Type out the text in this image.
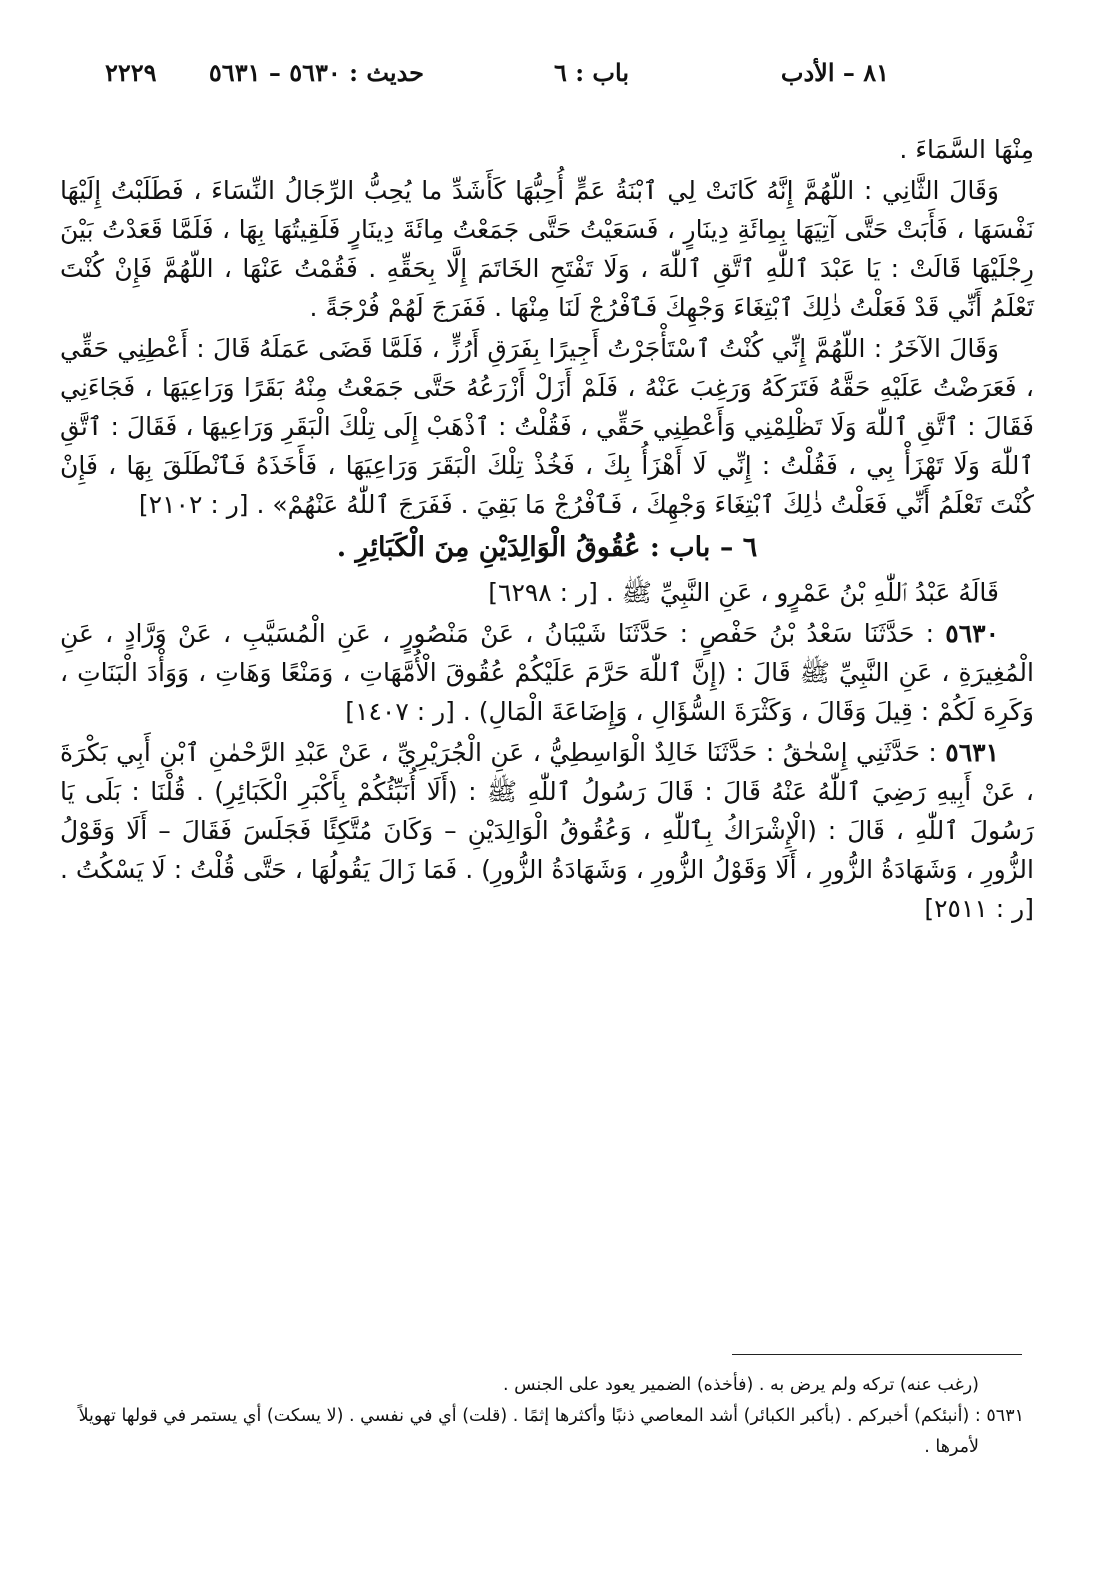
٨١ – الأدب
باب : ٦
حديث : ٥٦٣٠ – ٥٦٣١
٢٢٢٩

مِنْهَا السَّمَاءَ .

وَقَالَ الثَّانِي : اللّهُمَّ إِنَّهُ كَانَتْ لِي ٱبْنَةُ عَمٍّ أُحِبُّهَا كَأَشَدِّ ما يُحِبُّ الرِّجَالُ النِّسَاءَ ، فَطَلَبْتُ إِلَيْهَا نَفْسَهَا ، فَأَبَتْ حَتَّى آتِيَهَا بِمِائَةِ دِينَارٍ ، فَسَعَيْتُ حَتَّى جَمَعْتُ مِائَةَ دِينَارٍ فَلَقِيتُهَا بِهَا ، فَلَمَّا قَعَدْتُ بَيْنَ رِجْلَيْهَا قَالَتْ : يَا عَبْدَ ٱللّٰهِ ٱتَّقِ ٱللّٰهَ ، وَلَا تَفْتَحِ الخَاتَمَ إِلَّا بِحَقِّهِ . فَقُمْتُ عَنْهَا ، اللّهُمَّ فَإِنْ كُنْتَ تَعْلَمُ أَنِّي قَدْ فَعَلْتُ ذٰلِكَ ٱبْتِغَاءَ وَجْهِكَ فَٱفْرُجْ لَنَا مِنْهَا . فَفَرَجَ لَهُمْ فُرْجَةً .

وَقَالَ الآخَرُ : اللّهُمَّ إِنِّي كُنْتُ ٱسْتَأْجَرْتُ أَجِيرًا بِفَرَقِ أَرُزٍّ ، فَلَمَّا قَضَى عَمَلَهُ قَالَ : أَعْطِنِي حَقِّي ، فَعَرَضْتُ عَلَيْهِ حَقَّهُ فَتَرَكَهُ وَرَغِبَ عَنْهُ ، فَلَمْ أَزَلْ أَزْرَعُهُ حَتَّى جَمَعْتُ مِنْهُ بَقَرًا وَرَاعِيَهَا ، فَجَاءَنِي فَقَالَ : ٱتَّقِ ٱللّٰهَ وَلَا تَظْلِمْنِي وَأَعْطِنِي حَقِّي ، فَقُلْتُ : ٱذْهَبْ إِلَى تِلْكَ الْبَقَرِ وَرَاعِيهَا ، فَقَالَ : ٱتَّقِ ٱللّٰهَ وَلَا تَهْزَأْ بِي ، فَقُلْتُ : إِنِّي لَا أَهْزَأُ بِكَ ، فَخُذْ تِلْكَ الْبَقَرَ وَرَاعِيَهَا ، فَأَخَذَهُ فَٱنْطَلَقَ بِهَا ، فَإِنْ كُنْتَ تَعْلَمُ أَنِّي فَعَلْتُ ذٰلِكَ ٱبْتِغَاءَ وَجْهِكَ ، فَٱفْرُجْ مَا بَقِيَ . فَفَرَجَ ٱللّٰهُ عَنْهُمْ» . [ر : ٢١٠٢]

٦ – باب : عُقُوقُ الْوَالِدَيْنِ مِنَ الْكَبَائِرِ .

قَالَهُ عَبْدُ ٱللّٰهِ بْنُ عَمْرٍو ، عَنِ النَّبِيِّ ﷺ . [ر : ٦٢٩٨]

٥٦٣٠ : حَدَّثَنَا سَعْدُ بْنُ حَفْصٍ : حَدَّثَنَا شَيْبَانُ ، عَنْ مَنْصُورٍ ، عَنِ الْمُسَيَّبِ ، عَنْ وَرَّادٍ ، عَنِ الْمُغِيرَةِ ، عَنِ النَّبِيِّ ﷺ قَالَ : (إِنَّ ٱللّٰهَ حَرَّمَ عَلَيْكُمْ عُقُوقَ الْأُمَّهَاتِ ، وَمَنْعًا وَهَاتِ ، وَوَأْدَ الْبَنَاتِ ، وَكَرِهَ لَكُمْ : قِيلَ وَقَالَ ، وَكَثْرَةَ السُّؤَالِ ، وَإِضَاعَةَ الْمَالِ) . [ر : ١٤٠٧]

٥٦٣١ : حَدَّثَنِي إِسْحٰقُ : حَدَّثَنَا خَالِدٌ الْوَاسِطِيُّ ، عَنِ الْجُرَيْرِيِّ ، عَنْ عَبْدِ الرَّحْمٰنِ ٱبْنِ أَبِي بَكْرَةَ ، عَنْ أَبِيهِ رَضِيَ ٱللّٰهُ عَنْهُ قَالَ : قَالَ رَسُولُ ٱللّٰهِ ﷺ : (أَلَا أُنَبِّئُكُمْ بِأَكْبَرِ الْكَبَائِرِ) . قُلْنَا : بَلَى يَا رَسُولَ ٱللّٰهِ ، قَالَ : (الْإِشْرَاكُ بِٱللّٰهِ ، وَعُقُوقُ الْوَالِدَيْنِ – وَكَانَ مُتَّكِئًا فَجَلَسَ فَقَالَ – أَلَا وَقَوْلُ الزُّورِ ، وَشَهَادَةُ الزُّورِ ، أَلَا وَقَوْلُ الزُّورِ ، وَشَهَادَةُ الزُّورِ) . فَمَا زَالَ يَقُولُهَا ، حَتَّى قُلْتُ : لَا يَسْكُتُ . [ر : ٢٥١١]

(رغب عنه) تركه ولم يرض به . (فأخذه) الضمير يعود على الجنس .

٥٦٣١ : (أنبئكم) أخبركم . (بأكبر الكبائر) أشد المعاصي ذنبًا وأكثرها إثمًا . (قلت) أي في نفسي . (لا يسكت) أي يستمر في قولها تهويلاً لأمرها .
